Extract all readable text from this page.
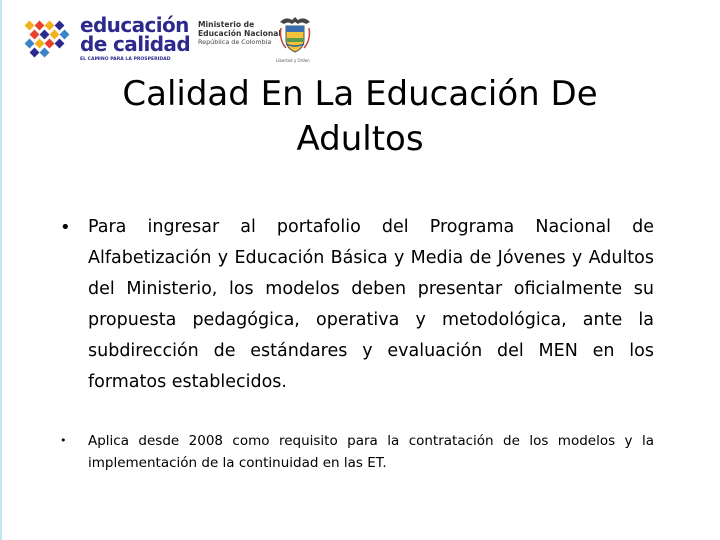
educación
de calidad
EL CAMINO PARA LA PROSPERIDAD
Ministerio de
Educación Nacional
República de Colombia
Libertad y Orden
Calidad En La Educación De
Adultos
• Para ingresar al portafolio del Programa Nacional de Alfabetización y Educación Básica y Media de Jóvenes y Adultos del Ministerio, los modelos deben presentar oficialmente su propuesta pedagógica, operativa y metodológica, ante la subdirección de estándares y evaluación del MEN en los formatos establecidos.
• Aplica desde 2008 como requisito para la contratación de los modelos y la implementación de la continuidad en las ET.
